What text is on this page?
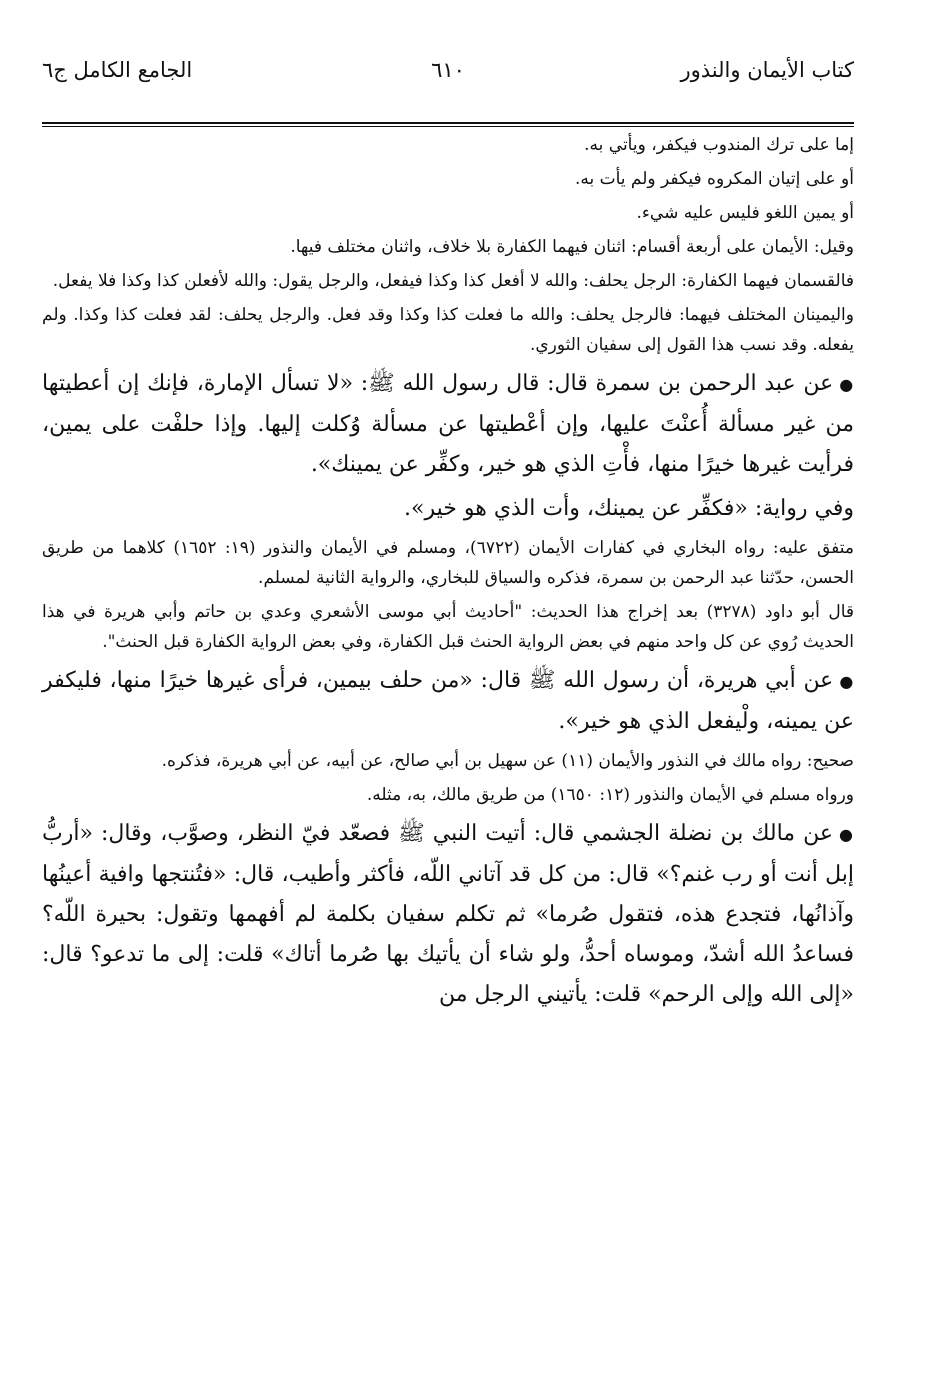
كتاب الأيمان والنذور
٦١٠
الجامع الكامل ج٦

إما على ترك المندوب فيكفر، ويأتي به.

أو على إتيان المكروه فيكفر ولم يأت به.

أو يمين اللغو فليس عليه شيء.

وقيل: الأيمان على أربعة أقسام: اثنان فيهما الكفارة بلا خلاف، واثنان مختلف فيها.

فالقسمان فيهما الكفارة: الرجل يحلف: والله لا أفعل كذا وكذا فيفعل، والرجل يقول: والله لأفعلن كذا وكذا فلا يفعل.

واليمينان المختلف فيهما: فالرجل يحلف: والله ما فعلت كذا وكذا وقد فعل. والرجل يحلف: لقد فعلت كذا وكذا. ولم يفعله. وقد نسب هذا القول إلى سفيان الثوري.

●عن عبد الرحمن بن سمرة قال: قال رسول الله ﷺ: «لا تسأل الإمارة، فإنك إن أعطيتها من غير مسألة أُعنْتَ عليها، وإن أعْطيتها عن مسألة وُكلت إليها. وإذا حلفْت على يمين، فرأيت غيرها خيرًا منها، فأْتِ الذي هو خير، وكفِّر عن يمينك».

وفي رواية: «فكفِّر عن يمينك، وأت الذي هو خير».

متفق عليه: رواه البخاري في كفارات الأيمان (٦٧٢٢)، ومسلم في الأيمان والنذور (١٩: ١٦٥٢) كلاهما من طريق الحسن، حدّثنا عبد الرحمن بن سمرة، فذكره والسياق للبخاري، والرواية الثانية لمسلم.

قال أبو داود (٣٢٧٨) بعد إخراج هذا الحديث: "أحاديث أبي موسى الأشعري وعدي بن حاتم وأبي هريرة في هذا الحديث رُوي عن كل واحد منهم في بعض الرواية الحنث قبل الكفارة، وفي بعض الرواية الكفارة قبل الحنث".

●عن أبي هريرة، أن رسول الله ﷺ قال: «من حلف بيمين، فرأى غيرها خيرًا منها، فليكفر عن يمينه، ولْيفعل الذي هو خير».

صحيح: رواه مالك في النذور والأيمان (١١) عن سهيل بن أبي صالح، عن أبيه، عن أبي هريرة، فذكره.

ورواه مسلم في الأيمان والنذور (١٢: ١٦٥٠) من طريق مالك، به، مثله.

●عن مالك بن نضلة الجشمي قال: أتيت النبي ﷺ فصعّد فيّ النظر، وصوَّب، وقال: «أربُّ إبل أنت أو رب غنم؟» قال: من كل قد آتاني اللّه، فأكثر وأطيب، قال: «فتُنتجها وافية أعينُها وآذانُها، فتجدع هذه، فتقول صُرما» ثم تكلم سفيان بكلمة لم أفهمها وتقول: بحيرة اللّه؟ فساعدُ الله أشدّ، وموساه أحدُّ، ولو شاء أن يأتيك بها صُرما أتاك» قلت: إلى ما تدعو؟ قال: «إلى الله وإلى الرحم» قلت: يأتيني الرجل من
